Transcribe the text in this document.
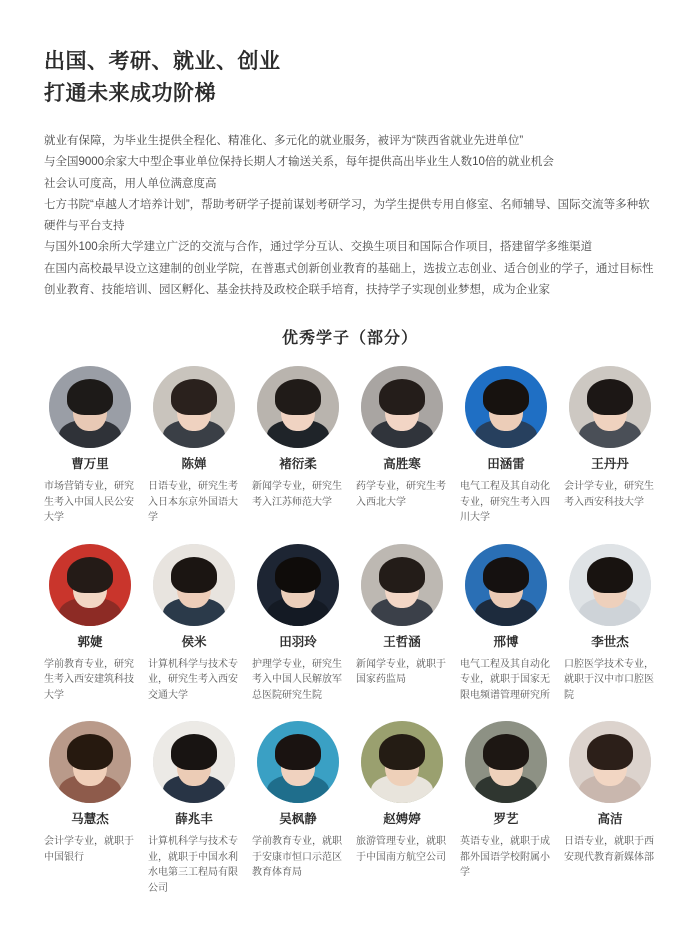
出国、考研、就业、创业
打通未来成功阶梯

就业有保障，为毕业生提供全程化、精准化、多元化的就业服务，被评为“陕西省就业先进单位”

与全国9000余家大中型企事业单位保持长期人才输送关系，每年提供高出毕业生人数10倍的就业机会

社会认可度高，用人单位满意度高

七方书院“卓越人才培养计划”，帮助考研学子提前谋划考研学习，为学生提供专用自修室、名师辅导、国际交流等多种软硬件与平台支持

与国外100余所大学建立广泛的交流与合作，通过学分互认、交换生项目和国际合作项目，搭建留学多维渠道

在国内高校最早设立这建制的创业学院，在普惠式创新创业教育的基础上，选拔立志创业、适合创业的学子，通过目标性创业教育、技能培训、园区孵化、基金扶持及政校企联手培育，扶持学子实现创业梦想，成为企业家

优秀学子（部分）
曹万里
市场营销专业，研究生考入中国人民公安大学
陈婵
日语专业，研究生考入日本东京外国语大学
褚衍柔
新闻学专业，研究生考入江苏师范大学
高胜寒
药学专业，研究生考入西北大学
田涵雷
电气工程及其自动化专业，研究生考入四川大学
王丹丹
会计学专业，研究生考入西安科技大学
郭婕
学前教育专业，研究生考入西安建筑科技大学
侯米
计算机科学与技术专业，研究生考入西安交通大学
田羽玲
护理学专业，研究生考入中国人民解放军总医院研究生院
王哲涵
新闻学专业，就职于国家药监局
邢博
电气工程及其自动化专业，就职于国家无限电频谱管理研究所
李世杰
口腔医学技术专业，就职于汉中市口腔医院
马慧杰
会计学专业，就职于中国银行
薛兆丰
计算机科学与技术专业，就职于中国水利水电第三工程局有限公司
吴枫静
学前教育专业，就职于安康市恒口示范区教育体育局
赵娉婷
旅游管理专业，就职于中国南方航空公司
罗艺
英语专业，就职于成都外国语学校附属小学
高洁
日语专业，就职于西安现代教育新媒体部
